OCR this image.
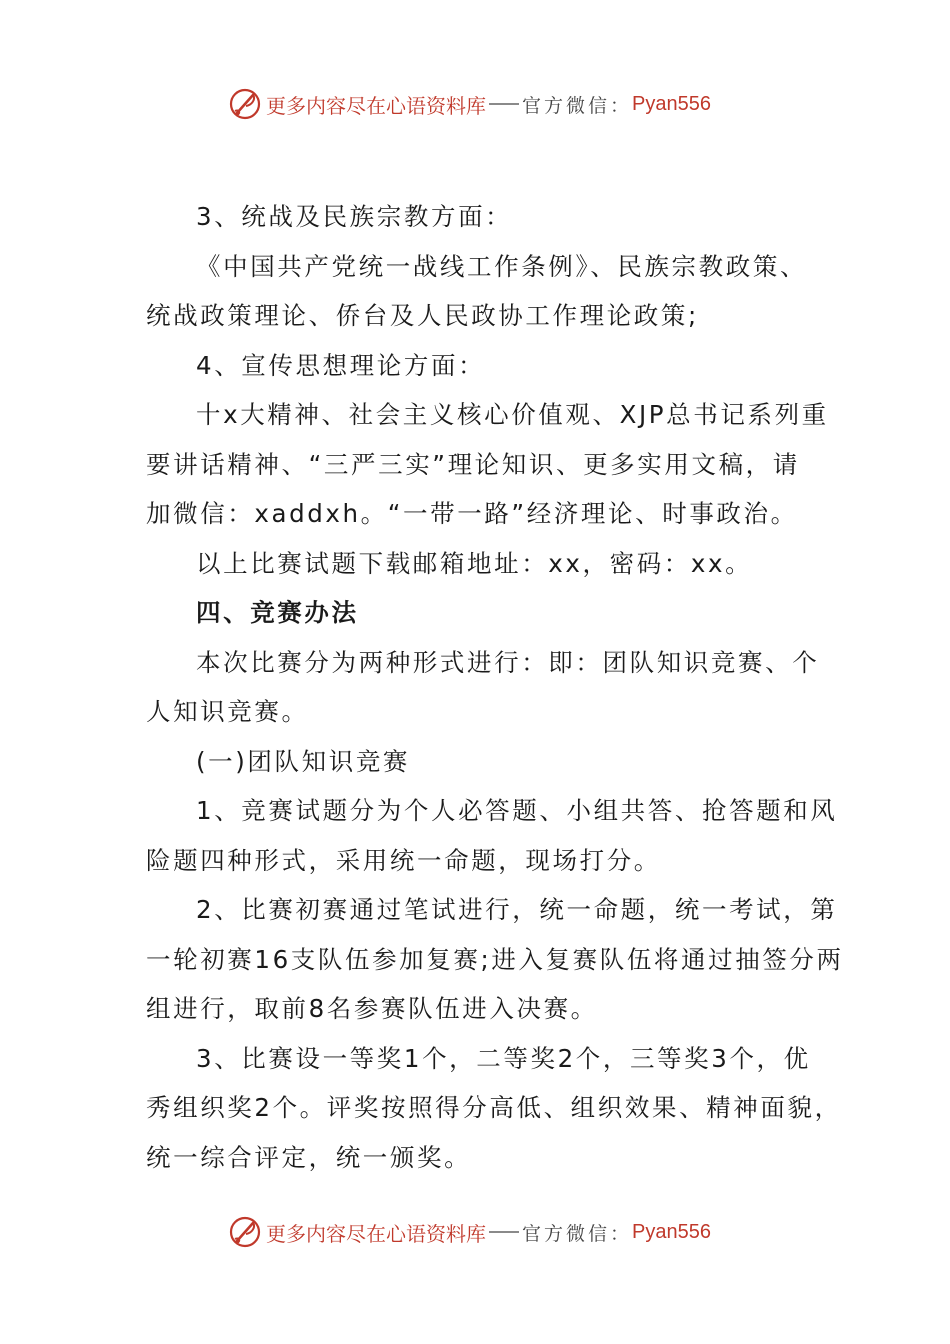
更多内容尽在心语资料库 官方微信： Pyan556

3、统战及民族宗教方面：

《中国共产党统一战线工作条例》、民族宗教政策、

统战政策理论、侨台及人民政协工作理论政策;

4、宣传思想理论方面：

十x大精神、社会主义核心价值观、XJP总书记系列重

要讲话精神、“三严三实”理论知识、更多实用文稿，请

加微信：xaddxh。“一带一路”经济理论、时事政治。

以上比赛试题下载邮箱地址：xx，密码：xx。

四、竞赛办法

本次比赛分为两种形式进行：即：团队知识竞赛、个

人知识竞赛。

(一)团队知识竞赛

1、竞赛试题分为个人必答题、小组共答、抢答题和风

险题四种形式，采用统一命题，现场打分。

2、比赛初赛通过笔试进行，统一命题，统一考试，第

一轮初赛16支队伍参加复赛;进入复赛队伍将通过抽签分两

组进行，取前8名参赛队伍进入决赛。

3、比赛设一等奖1个，二等奖2个，三等奖3个，优

秀组织奖2个。评奖按照得分高低、组织效果、精神面貌，

统一综合评定，统一颁奖。

更多内容尽在心语资料库 官方微信： Pyan556
